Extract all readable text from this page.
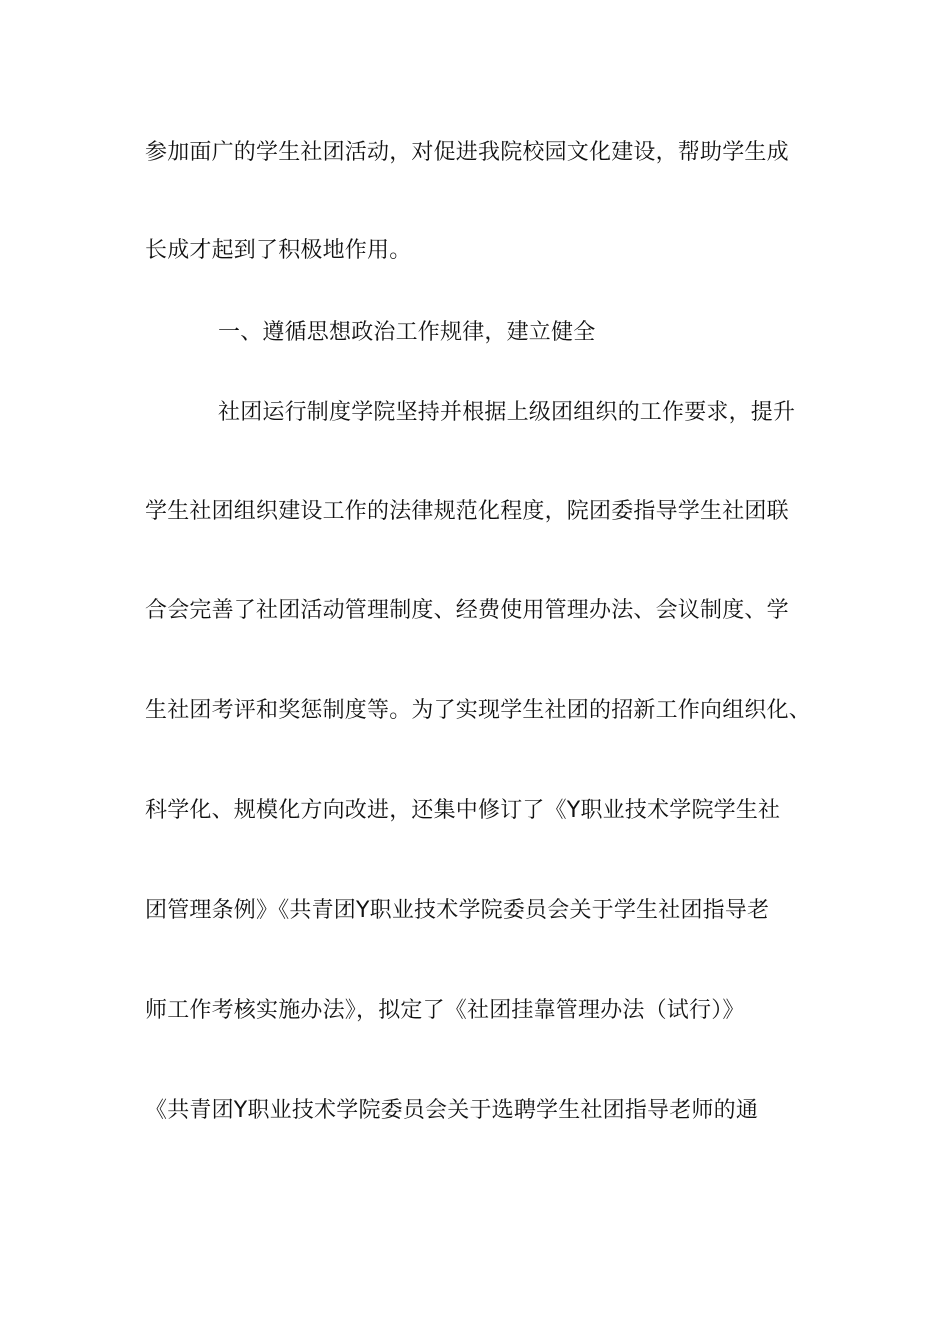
参加面广的学生社团活动，对促进我院校园文化建设，帮助学生成
长成才起到了积极地作用。
一、遵循思想政治工作规律，建立健全
社团运行制度学院坚持并根据上级团组织的工作要求，提升
学生社团组织建设工作的法律规范化程度，院团委指导学生社团联
合会完善了社团活动管理制度、经费使用管理办法、会议制度、学
生社团考评和奖惩制度等。为了实现学生社团的招新工作向组织化、
科学化、规模化方向改进，还集中修订了《Y职业技术学院学生社
团管理条例》《共青团Y职业技术学院委员会关于学生社团指导老
师工作考核实施办法》，拟定了《社团挂靠管理办法（试行）》
《共青团Y职业技术学院委员会关于选聘学生社团指导老师的通
